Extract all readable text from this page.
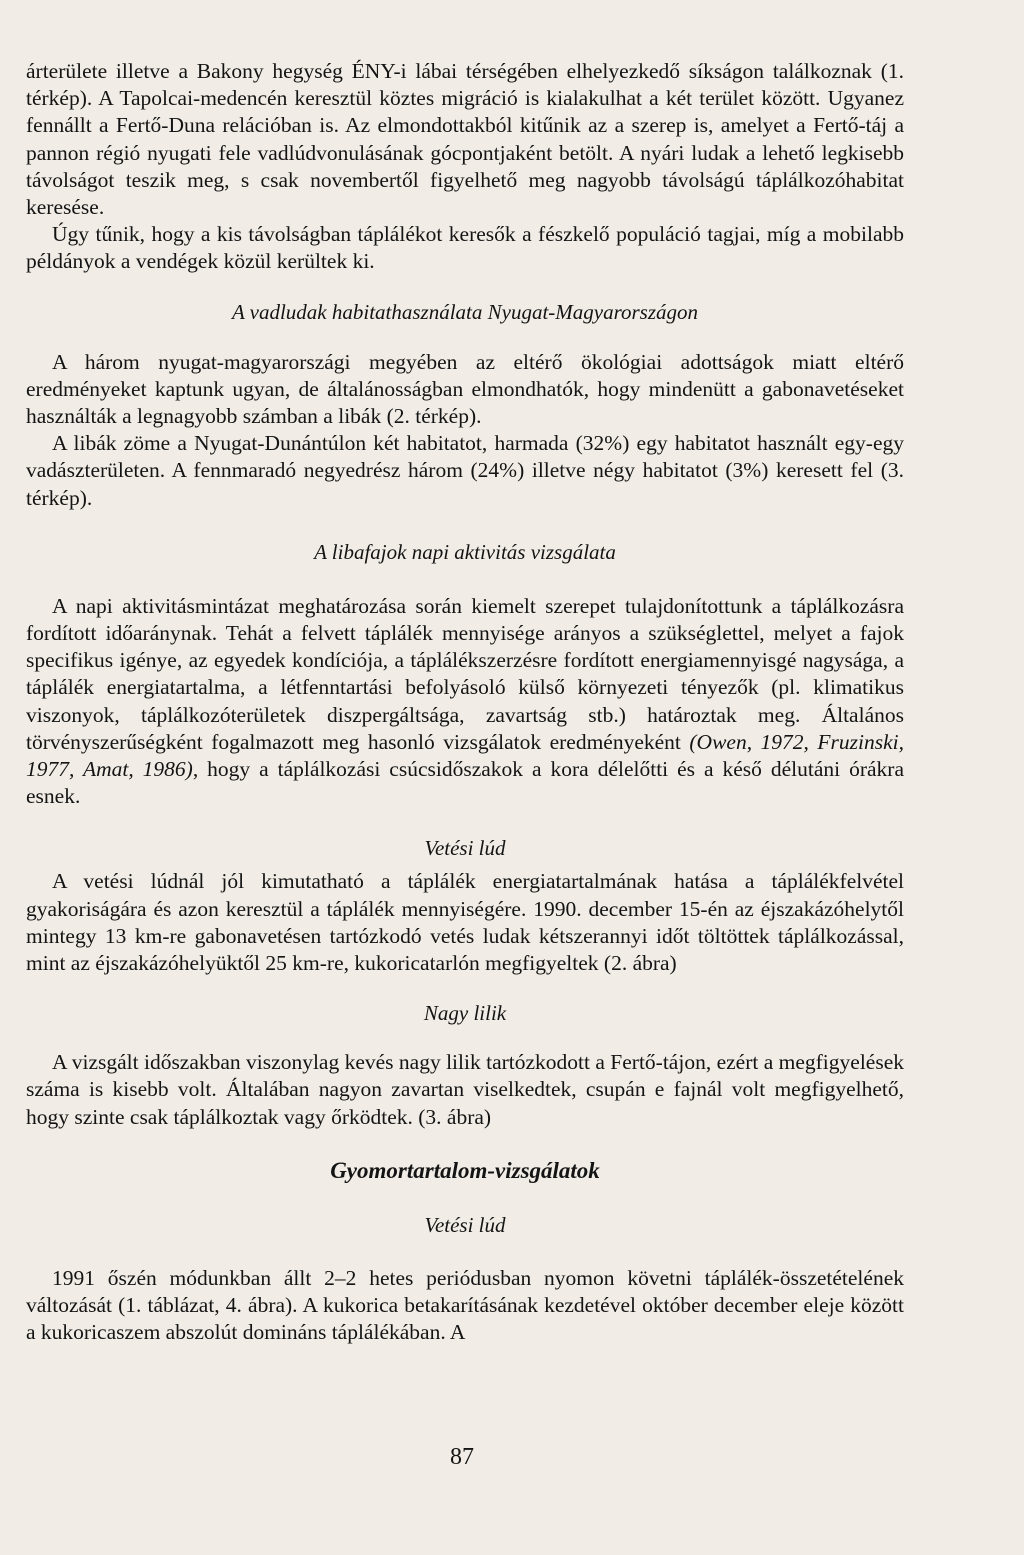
árterülete illetve a Bakony hegység ÉNY-i lábai térségében elhelyezkedő síkságon találkoznak (1. térkép). A Tapolcai-medencén keresztül köztes migráció is kialakulhat a két terület között. Ugyanez fennállt a Fertő-Duna relációban is. Az elmondottakból kitűnik az a szerep is, amelyet a Fertő-táj a pannon régió nyugati fele vadlúdvonulásának gócpontjaként betölt. A nyári ludak a lehető legkisebb távolságot teszik meg, s csak novembertől figyelhető meg nagyobb távolságú táplálkozóhabitat keresése.

Úgy tűnik, hogy a kis távolságban táplálékot keresők a fészkelő populáció tagjai, míg a mobilabb példányok a vendégek közül kerültek ki.

A vadludak habitathasználata Nyugat-Magyarországon

A három nyugat-magyarországi megyében az eltérő ökológiai adottságok miatt eltérő eredményeket kaptunk ugyan, de általánosságban elmondhatók, hogy mindenütt a gabonavetéseket használták a legnagyobb számban a libák (2. térkép).

A libák zöme a Nyugat-Dunántúlon két habitatot, harmada (32%) egy habitatot használt egy-egy vadászterületen. A fennmaradó negyedrész három (24%) illetve négy habitatot (3%) keresett fel (3. térkép).

A libafajok napi aktivitás vizsgálata

A napi aktivitásmintázat meghatározása során kiemelt szerepet tulajdonítottunk a táplálkozásra fordított időaránynak. Tehát a felvett táplálék mennyisége arányos a szükséglettel, melyet a fajok specifikus igénye, az egyedek kondíciója, a táplálékszerzésre fordított energiamennyisgé nagysága, a táplálék energiatartalma, a létfenntartási befolyásoló külső környezeti tényezők (pl. klimatikus viszonyok, táplálkozóterületek diszpergáltsága, zavartság stb.) határoztak meg. Általános törvényszerűségként fogalmazott meg hasonló vizsgálatok eredményeként (Owen, 1972, Fruzinski, 1977, Amat, 1986), hogy a táplálkozási csúcsidőszakok a kora délelőtti és a késő délutáni órákra esnek.

Vetési lúd

A vetési lúdnál jól kimutatható a táplálék energiatartalmának hatása a táplálékfelvétel gyakoriságára és azon keresztül a táplálék mennyiségére. 1990. december 15-én az éjszakázóhelytől mintegy 13 km-re gabonavetésen tartózkodó vetés ludak kétszerannyi időt töltöttek táplálkozással, mint az éjszakázóhelyüktől 25 km-re, kukoricatarlón megfigyeltek (2. ábra)

Nagy lilik

A vizsgált időszakban viszonylag kevés nagy lilik tartózkodott a Fertő-tájon, ezért a megfigyelések száma is kisebb volt. Általában nagyon zavartan viselkedtek, csupán e fajnál volt megfigyelhető, hogy szinte csak táplálkoztak vagy őrködtek. (3. ábra)

Gyomortartalom-vizsgálatok
Vetési lúd

1991 őszén módunkban állt 2–2 hetes periódusban nyomon követni táplálék-összetételének változását (1. táblázat, 4. ábra). A kukorica betakarításának kezdetével október december eleje között a kukoricaszem abszolút domináns táplálékában. A

87
